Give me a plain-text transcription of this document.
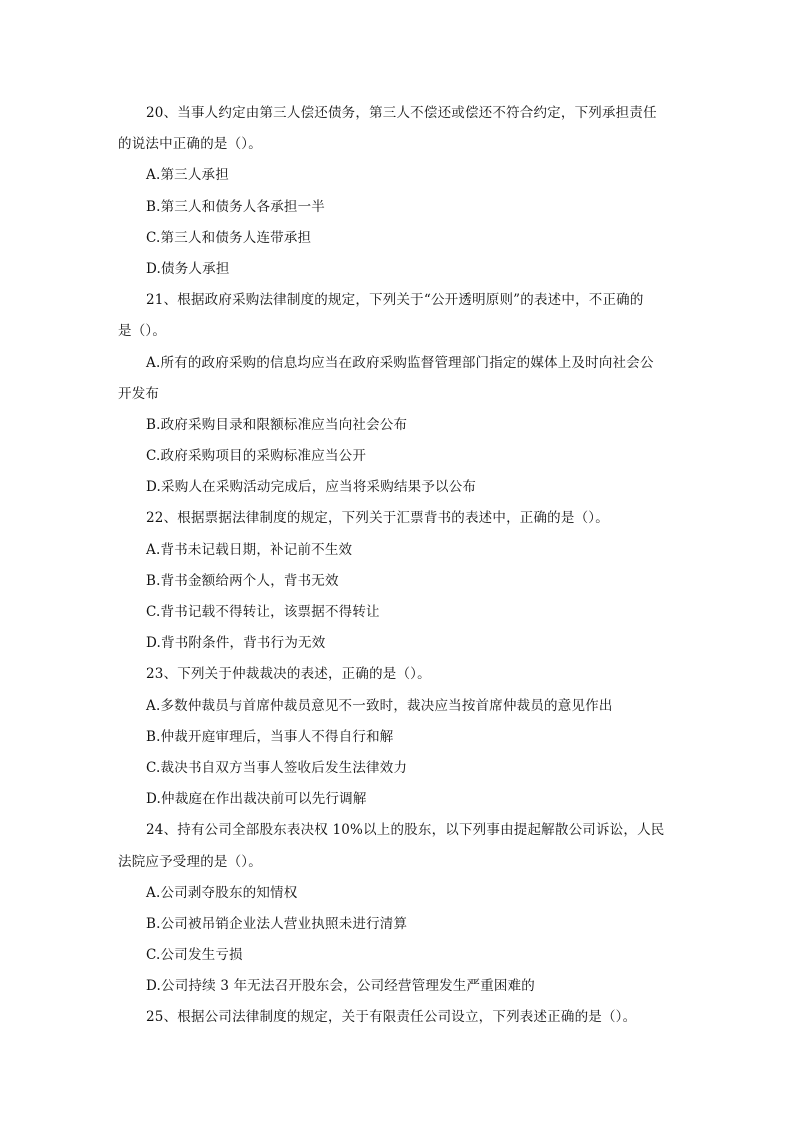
20、当事人约定由第三人偿还债务，第三人不偿还或偿还不符合约定，下列承担责任
的说法中正确的是（）。
A.第三人承担
B.第三人和债务人各承担一半
C.第三人和债务人连带承担
D.债务人承担
21、根据政府采购法律制度的规定，下列关于“公开透明原则”的表述中，不正确的
是（）。
A.所有的政府采购的信息均应当在政府采购监督管理部门指定的媒体上及时向社会公
开发布
B.政府采购目录和限额标准应当向社会公布
C.政府采购项目的采购标准应当公开
D.采购人在采购活动完成后，应当将采购结果予以公布
22、根据票据法律制度的规定，下列关于汇票背书的表述中，正确的是（）。
A.背书未记载日期，补记前不生效
B.背书金额给两个人，背书无效
C.背书记载不得转让，该票据不得转让
D.背书附条件，背书行为无效
23、下列关于仲裁裁决的表述，正确的是（）。
A.多数仲裁员与首席仲裁员意见不一致时，裁决应当按首席仲裁员的意见作出
B.仲裁开庭审理后，当事人不得自行和解
C.裁决书自双方当事人签收后发生法律效力
D.仲裁庭在作出裁决前可以先行调解
24、持有公司全部股东表决权 10%以上的股东，以下列事由提起解散公司诉讼，人民
法院应予受理的是（）。
A.公司剥夺股东的知情权
B.公司被吊销企业法人营业执照未进行清算
C.公司发生亏损
D.公司持续 3 年无法召开股东会，公司经营管理发生严重困难的
25、根据公司法律制度的规定，关于有限责任公司设立，下列表述正确的是（）。
